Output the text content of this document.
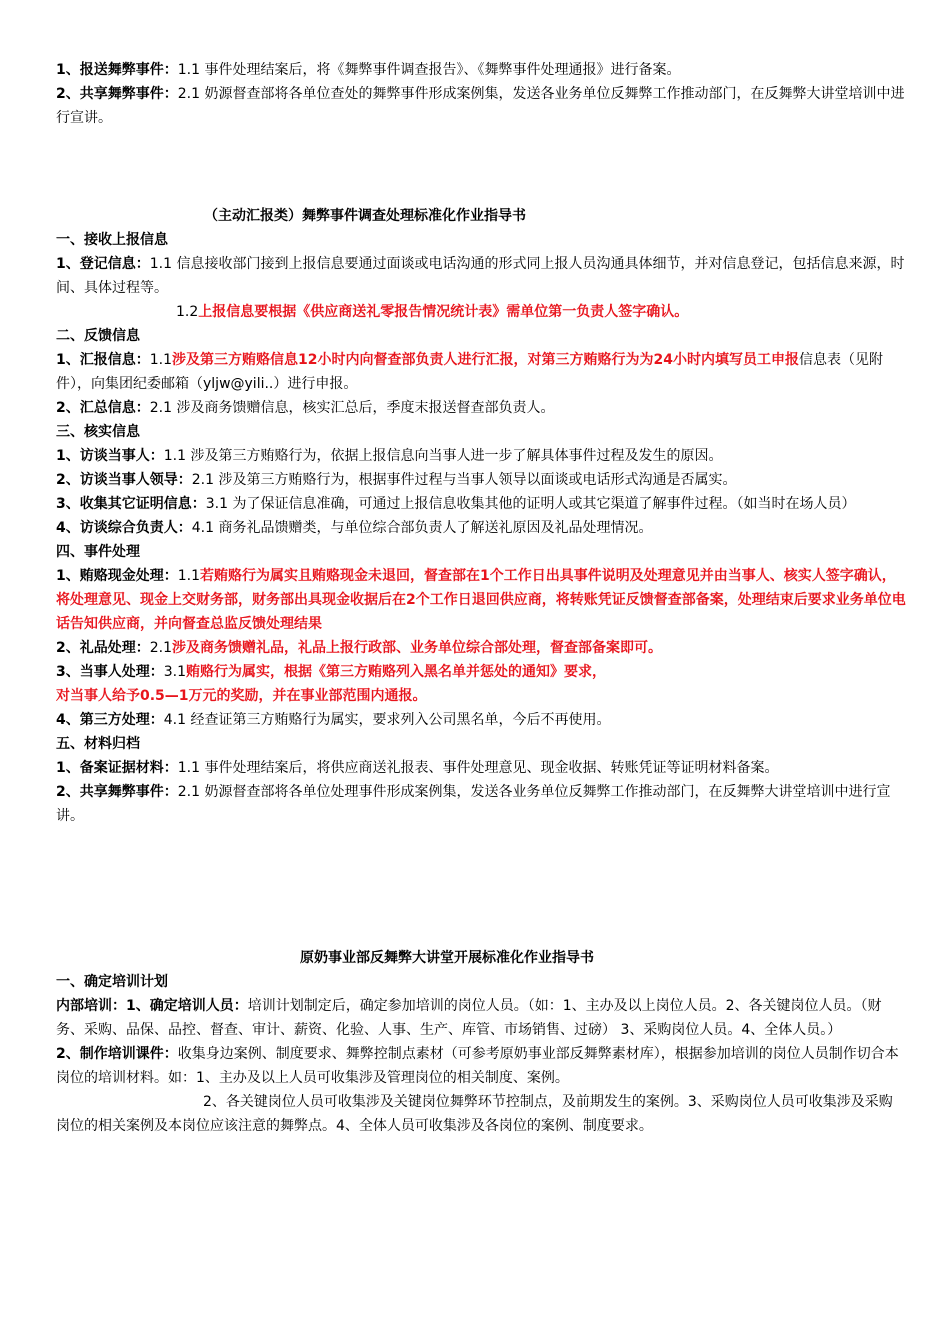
1、报送舞弊事件：1.1 事件处理结案后，将《舞弊事件调查报告》、《舞弊事件处理通报》进行备案。

2、共享舞弊事件：2.1 奶源督查部将各单位查处的舞弊事件形成案例集，发送各业务单位反舞弊工作推动部门，在反舞弊大讲堂培训中进行宣讲。

（主动汇报类）舞弊事件调查处理标准化作业指导书

一、接收上报信息

1、登记信息：1.1 信息接收部门接到上报信息要通过面谈或电话沟通的形式同上报人员沟通具体细节，并对信息登记，包括信息来源，时间、具体过程等。

1.2上报信息要根据《供应商送礼零报告情况统计表》需单位第一负责人签字确认。

二、反馈信息

1、汇报信息：1.1涉及第三方贿赂信息12小时内向督查部负责人进行汇报，对第三方贿赂行为为24小时内填写员工申报信息表（见附件），向集团纪委邮箱（yljw@yili..）进行申报。

2、汇总信息：2.1 涉及商务馈赠信息，核实汇总后，季度末报送督查部负责人。

三、核实信息

1、访谈当事人：1.1 涉及第三方贿赂行为，依据上报信息向当事人进一步了解具体事件过程及发生的原因。

2、访谈当事人领导：2.1 涉及第三方贿赂行为，根据事件过程与当事人领导以面谈或电话形式沟通是否属实。

3、收集其它证明信息：3.1 为了保证信息准确，可通过上报信息收集其他的证明人或其它渠道了解事件过程。（如当时在场人员）

4、访谈综合负责人：4.1 商务礼品馈赠类，与单位综合部负责人了解送礼原因及礼品处理情况。

四、事件处理

1、贿赂现金处理：1.1若贿赂行为属实且贿赂现金未退回，督查部在1个工作日出具事件说明及处理意见并由当事人、核实人签字确认，将处理意见、现金上交财务部，财务部出具现金收据后在2个工作日退回供应商，将转账凭证反馈督查部备案，处理结束后要求业务单位电话告知供应商，并向督查总监反馈处理结果

2、礼品处理：2.1涉及商务馈赠礼品，礼品上报行政部、业务单位综合部处理，督查部备案即可。

3、当事人处理：3.1贿赂行为属实，根据《第三方贿赂列入黑名单并惩处的通知》要求，

对当事人给予0.5—1万元的奖励，并在事业部范围内通报。

4、第三方处理：4.1 经查证第三方贿赂行为属实，要求列入公司黑名单，今后不再使用。

五、材料归档

1、备案证据材料：1.1 事件处理结案后，将供应商送礼报表、事件处理意见、现金收据、转账凭证等证明材料备案。

2、共享舞弊事件：2.1 奶源督查部将各单位处理事件形成案例集，发送各业务单位反舞弊工作推动部门，在反舞弊大讲堂培训中进行宣讲。

原奶事业部反舞弊大讲堂开展标准化作业指导书

一、确定培训计划

内部培训：1、确定培训人员：培训计划制定后，确定参加培训的岗位人员。（如：1、主办及以上岗位人员。2、各关键岗位人员。（财务、采购、品保、品控、督查、审计、薪资、化验、人事、生产、库管、市场销售、过磅） 3、采购岗位人员。4、全体人员。）

2、制作培训课件：收集身边案例、制度要求、舞弊控制点素材（可参考原奶事业部反舞弊素材库），根据参加培训的岗位人员制作切合本岗位的培训材料。如：1、主办及以上人员可收集涉及管理岗位的相关制度、案例。

2、各关键岗位人员可收集涉及关键岗位舞弊环节控制点，及前期发生的案例。3、采购岗位人员可收集涉及采购岗位的相关案例及本岗位应该注意的舞弊点。4、全体人员可收集涉及各岗位的案例、制度要求。
